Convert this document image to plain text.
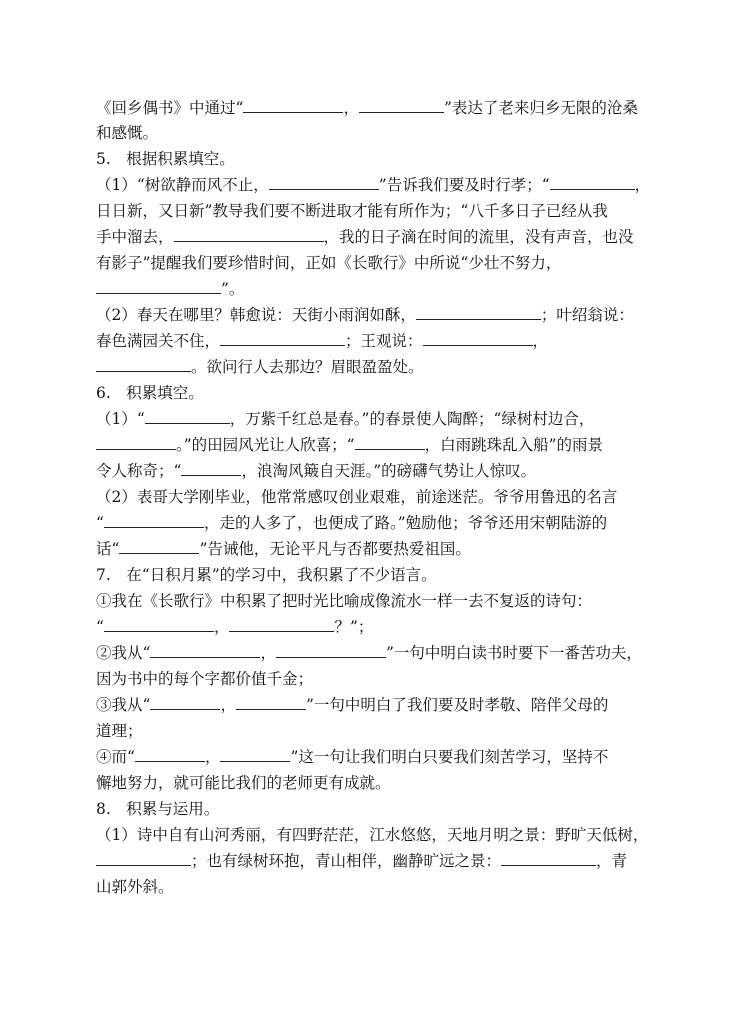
《回乡偶书》中通过“	，	”表达了老来归乡无限的沧桑
和感慨。
5.　根据积累填空。
（1）“树欲静而风不止，	”告诉我们要及时行孝；“	，
日日新，又日新”教导我们要不断进取才能有所作为；“八千多日子已经从我
手中溜去，	，我的日子滴在时间的流里，没有声音，也没
有影子”提醒我们要珍惜时间，正如《长歌行》中所说“少壮不努力，
”。
（2）春天在哪里？韩愈说：天街小雨润如酥，	；叶绍翁说：
春色满园关不住，	；王观说：	，
。欲问行人去那边？眉眼盈盈处。
6.　积累填空。
（1）“	，万紫千红总是春。”的春景使人陶醉；“绿树村边合，
。”的田园风光让人欣喜；“	，白雨跳珠乱入船”的雨景
令人称奇；“	，浪淘风簸自天涯。”的磅礴气势让人惊叹。
（2）表哥大学刚毕业，他常常感叹创业艰难，前途迷茫。爷爷用鲁迅的名言
“	，走的人多了，也便成了路。”勉励他；爷爷还用宋朝陆游的
话“	”告诫他，无论平凡与否都要热爱祖国。
7.　在“日积月累”的学习中，我积累了不少语言。
①我在《长歌行》中积累了把时光比喻成像流水一样一去不复返的诗句：
“	，	？”；
②我从“	，	”一句中明白读书时要下一番苦功夫，
因为书中的每个字都价值千金；
③我从“	，	”一句中明白了我们要及时孝敬、陪伴父母的
道理；
④而“	，	”这一句让我们明白只要我们刻苦学习，坚持不
懈地努力，就可能比我们的老师更有成就。
8.　积累与运用。
（1）诗中自有山河秀丽，有四野茫茫，江水悠悠，天地月明之景：野旷天低树，
；也有绿树环抱，青山相伴，幽静旷远之景：	，青
山郭外斜。
